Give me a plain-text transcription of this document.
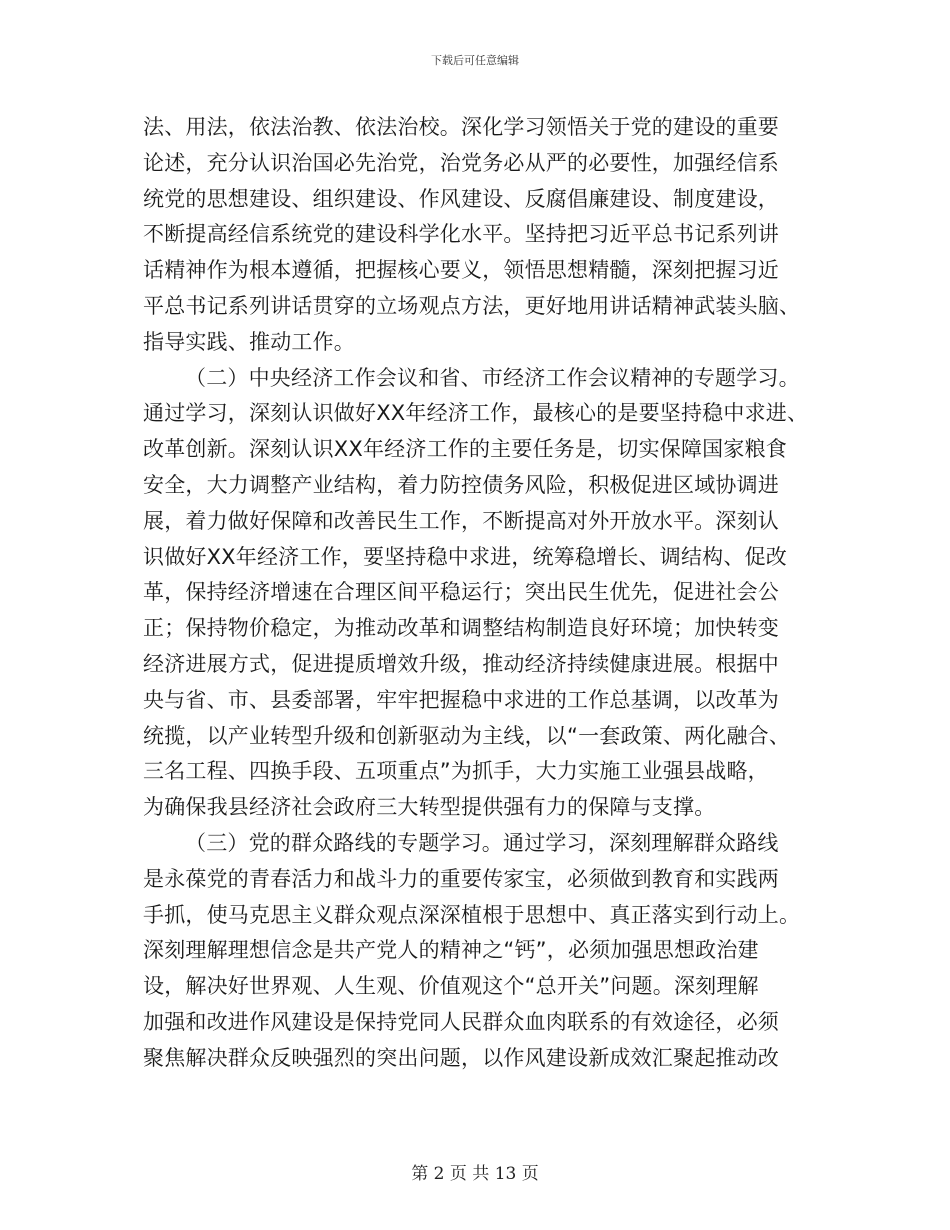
下载后可任意编辑
法、用法，依法治教、依法治校。深化学习领悟关于党的建设的重要
论述，充分认识治国必先治党，治党务必从严的必要性，加强经信系
统党的思想建设、组织建设、作风建设、反腐倡廉建设、制度建设，
不断提高经信系统党的建设科学化水平。坚持把习近平总书记系列讲
话精神作为根本遵循，把握核心要义，领悟思想精髓，深刻把握习近
平总书记系列讲话贯穿的立场观点方法，更好地用讲话精神武装头脑、
指导实践、推动工作。
（二）中央经济工作会议和省、市经济工作会议精神的专题学习。
通过学习，深刻认识做好XX年经济工作，最核心的是要坚持稳中求进、
改革创新。深刻认识XX年经济工作的主要任务是，切实保障国家粮食
安全，大力调整产业结构，着力防控债务风险，积极促进区域协调进
展，着力做好保障和改善民生工作，不断提高对外开放水平。深刻认
识做好XX年经济工作，要坚持稳中求进，统筹稳增长、调结构、促改
革，保持经济增速在合理区间平稳运行；突出民生优先，促进社会公
正；保持物价稳定，为推动改革和调整结构制造良好环境；加快转变
经济进展方式，促进提质增效升级，推动经济持续健康进展。根据中
央与省、市、县委部署，牢牢把握稳中求进的工作总基调，以改革为
统揽，以产业转型升级和创新驱动为主线，以“一套政策、两化融合、
三名工程、四换手段、五项重点”为抓手，大力实施工业强县战略，
为确保我县经济社会政府三大转型提供强有力的保障与支撑。
（三）党的群众路线的专题学习。通过学习，深刻理解群众路线
是永葆党的青春活力和战斗力的重要传家宝，必须做到教育和实践两
手抓，使马克思主义群众观点深深植根于思想中、真正落实到行动上。
深刻理解理想信念是共产党人的精神之“钙”，必须加强思想政治建
设，解决好世界观、人生观、价值观这个“总开关”问题。深刻理解
加强和改进作风建设是保持党同人民群众血肉联系的有效途径，必须
聚焦解决群众反映强烈的突出问题，以作风建设新成效汇聚起推动改
第 2 页 共 13 页
